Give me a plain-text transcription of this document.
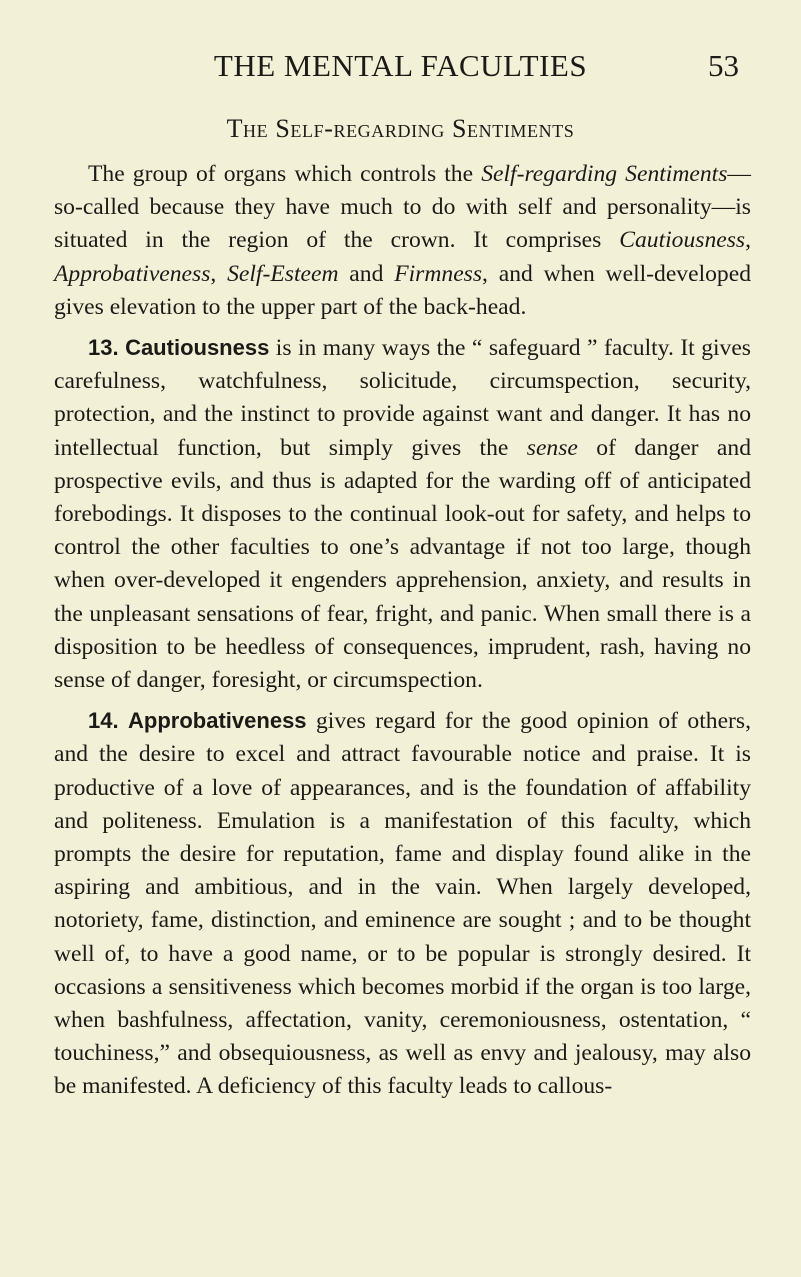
THE MENTAL FACULTIES	53
The Self-regarding Sentiments

The group of organs which controls the Self-regarding Sentiments—so-called because they have much to do with self and personality—is situated in the region of the crown. It comprises Cautiousness, Approbativeness, Self-Esteem and Firmness, and when well-developed gives elevation to the upper part of the back-head.

13. Cautiousness is in many ways the “ safeguard ” faculty. It gives carefulness, watchfulness, solicitude, circumspection, security, protection, and the instinct to provide against want and danger. It has no intellectual function, but simply gives the sense of danger and prospective evils, and thus is adapted for the warding off of anticipated forebodings. It disposes to the continual look-out for safety, and helps to control the other faculties to one’s advantage if not too large, though when over-developed it engenders apprehension, anxiety, and results in the unpleasant sensations of fear, fright, and panic. When small there is a disposition to be heedless of consequences, imprudent, rash, having no sense of danger, foresight, or circumspection.

14. Approbativeness gives regard for the good opinion of others, and the desire to excel and attract favourable notice and praise. It is productive of a love of appearances, and is the foundation of affability and politeness. Emulation is a manifestation of this faculty, which prompts the desire for reputation, fame and display found alike in the aspiring and ambitious, and in the vain. When largely developed, notoriety, fame, distinction, and eminence are sought ; and to be thought well of, to have a good name, or to be popular is strongly desired. It occasions a sensitiveness which becomes morbid if the organ is too large, when bashfulness, affectation, vanity, ceremoniousness, ostentation, “ touchiness,” and obsequiousness, as well as envy and jealousy, may also be manifested. A deficiency of this faculty leads to callous-
